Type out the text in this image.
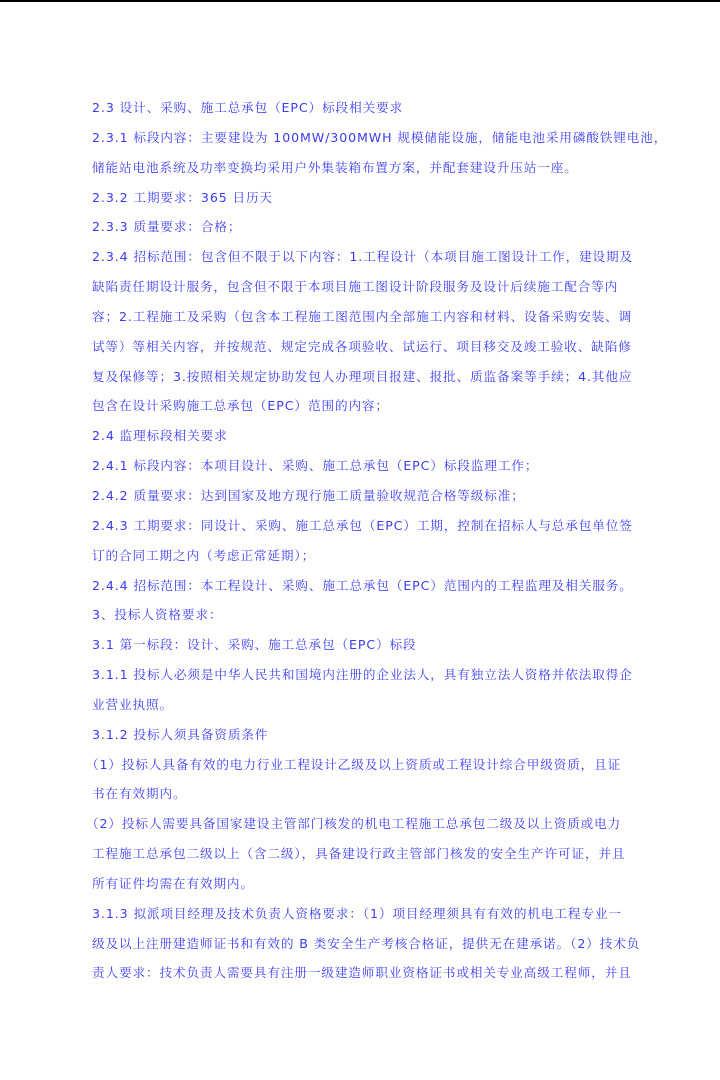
2.3 设计、采购、施工总承包（EPC）标段相关要求
2.3.1 标段内容：主要建设为 100MW/300MWH 规模储能设施，储能电池采用磷酸铁锂电池，
储能站电池系统及功率变换均采用户外集装箱布置方案，并配套建设升压站一座。
2.3.2 工期要求：365 日历天
2.3.3 质量要求：合格；
2.3.4 招标范围：包含但不限于以下内容：1.工程设计（本项目施工图设计工作，建设期及
缺陷责任期设计服务，包含但不限于本项目施工图设计阶段服务及设计后续施工配合等内
容；2.工程施工及采购（包含本工程施工图范围内全部施工内容和材料、设备采购安装、调
试等）等相关内容，并按规范、规定完成各项验收、试运行、项目移交及竣工验收、缺陷修
复及保修等；3.按照相关规定协助发包人办理项目报建、报批、质监备案等手续；4.其他应
包含在设计采购施工总承包（EPC）范围的内容；
2.4 监理标段相关要求
2.4.1 标段内容：本项目设计、采购、施工总承包（EPC）标段监理工作；
2.4.2 质量要求：达到国家及地方现行施工质量验收规范合格等级标准；
2.4.3 工期要求：同设计、采购、施工总承包（EPC）工期，控制在招标人与总承包单位签
订的合同工期之内（考虑正常延期）；
2.4.4 招标范围：本工程设计、采购、施工总承包（EPC）范围内的工程监理及相关服务。
3、投标人资格要求：
3.1 第一标段：设计、采购、施工总承包（EPC）标段
3.1.1 投标人必须是中华人民共和国境内注册的企业法人，具有独立法人资格并依法取得企
业营业执照。
3.1.2 投标人须具备资质条件
（1）投标人具备有效的电力行业工程设计乙级及以上资质或工程设计综合甲级资质，且证
书在有效期内。
（2）投标人需要具备国家建设主管部门核发的机电工程施工总承包二级及以上资质或电力
工程施工总承包二级以上（含二级），具备建设行政主管部门核发的安全生产许可证，并且
所有证件均需在有效期内。
3.1.3 拟派项目经理及技术负责人资格要求：（1）项目经理须具有有效的机电工程专业一
级及以上注册建造师证书和有效的 B 类安全生产考核合格证，提供无在建承诺。（2）技术负
责人要求：技术负责人需要具有注册一级建造师职业资格证书或相关专业高级工程师，并且
